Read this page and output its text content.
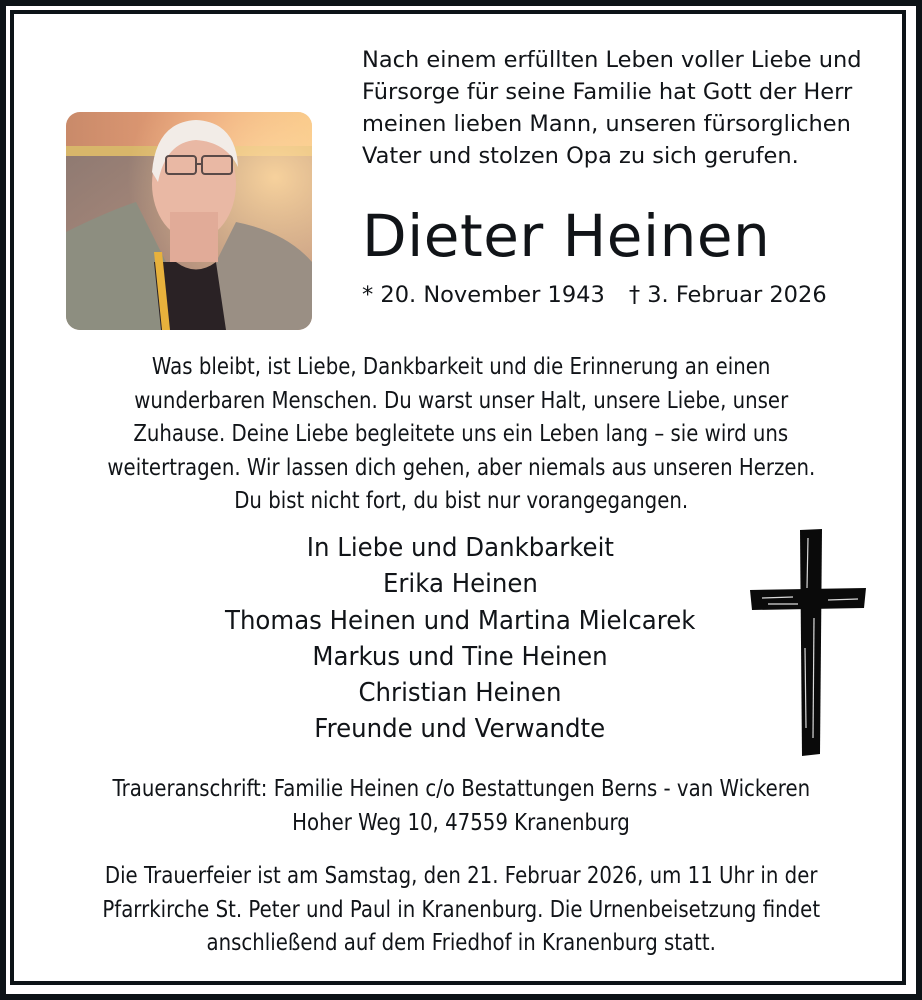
Nach einem erfüllten Leben voller Liebe und
Fürsorge für seine Familie hat Gott der Herr
meinen lieben Mann, unseren fürsorglichen
Vater und stolzen Opa zu sich gerufen.
Dieter Heinen
* 20. November 1943 † 3. Februar 2026
Was bleibt, ist Liebe, Dankbarkeit und die Erinnerung an einen
wunderbaren Menschen. Du warst unser Halt, unsere Liebe, unser
Zuhause. Deine Liebe begleitete uns ein Leben lang – sie wird uns
weitertragen. Wir lassen dich gehen, aber niemals aus unseren Herzen.
Du bist nicht fort, du bist nur vorangegangen.
In Liebe und Dankbarkeit
Erika Heinen
Thomas Heinen und Martina Mielcarek
Markus und Tine Heinen
Christian Heinen
Freunde und Verwandte
Traueranschrift: Familie Heinen c/o Bestattungen Berns - van Wickeren
Hoher Weg 10, 47559 Kranenburg
Die Trauerfeier ist am Samstag, den 21. Februar 2026, um 11 Uhr in der
Pfarrkirche St. Peter und Paul in Kranenburg. Die Urnenbeisetzung findet
anschließend auf dem Friedhof in Kranenburg statt.
